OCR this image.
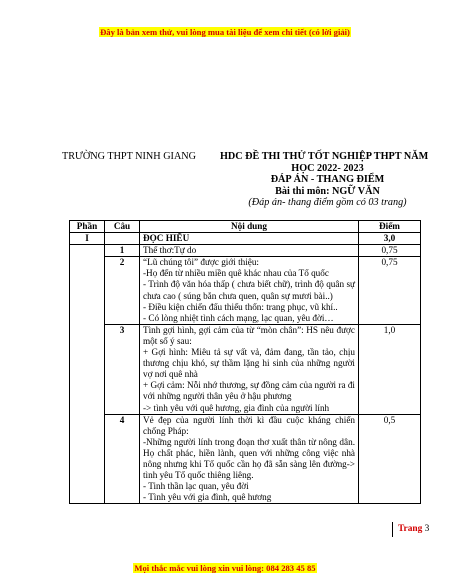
Đây là bản xem thử, vui lòng mua tài liệu để xem chi tiết (có lời giải)
TRƯỜNG THPT NINH GIANG	HDC ĐỀ THI THỬ TỐT NGHIỆP THPT NĂM
HỌC 2022- 2023
ĐÁP ÁN - THANG ĐIỂM
Bài thi môn: NGỮ VĂN
(Đáp án- thang điểm gồm có 03 trang)
Phần	Câu	Nội dung	Điểm
I		ĐỌC HIỂU	3,0
	1	Thể thơ:Tự do	0,75
	2	“Lũ chúng tôi” được giới thiệu:
-Họ đến từ nhiều miền quê khác nhau của Tổ quốc
- Trình độ văn hóa thấp ( chưa biết chữ), trình độ quân sự chưa cao ( súng bắn chưa quen, quân sự mươi bài..)
- Điều kiện chiến đấu thiếu thốn: trang phục, vũ khí..
- Có lòng nhiệt tình cách mạng, lạc quan, yêu đời…	0,75
	3	Tình gợi hình, gợi cảm của từ “mòn chân”: HS nêu được một số ý sau:
+ Gợi hình: Miêu tả sự vất vả, đảm đang, tần tảo, chịu thương chịu khó, sự thầm lặng hi sinh của những người vợ nơi quê nhà
+ Gợi cảm: Nỗi nhớ thương, sự đồng cảm của người ra đi với những người thân yêu ở hậu phương
-> tình yêu với quê hương, gia đình của người lính	1,0
	4	Vẻ đẹp của người lính thời kì đầu cuộc kháng chiến chống Pháp:
-Những người lính trong đoạn thơ xuất thân từ nông dân. Họ chất phác, hiền lành, quen với những công việc nhà nông nhưng khi Tổ quốc cần họ đã sẵn sàng lên đường-> tình yêu Tổ quốc thiêng liêng.
- Tinh thần lạc quan, yêu đời
- Tình yêu với gia đình, quê hương	0,5
Trang 3
Mọi thắc mắc vui lòng xin vui lòng: 084 283 45 85
